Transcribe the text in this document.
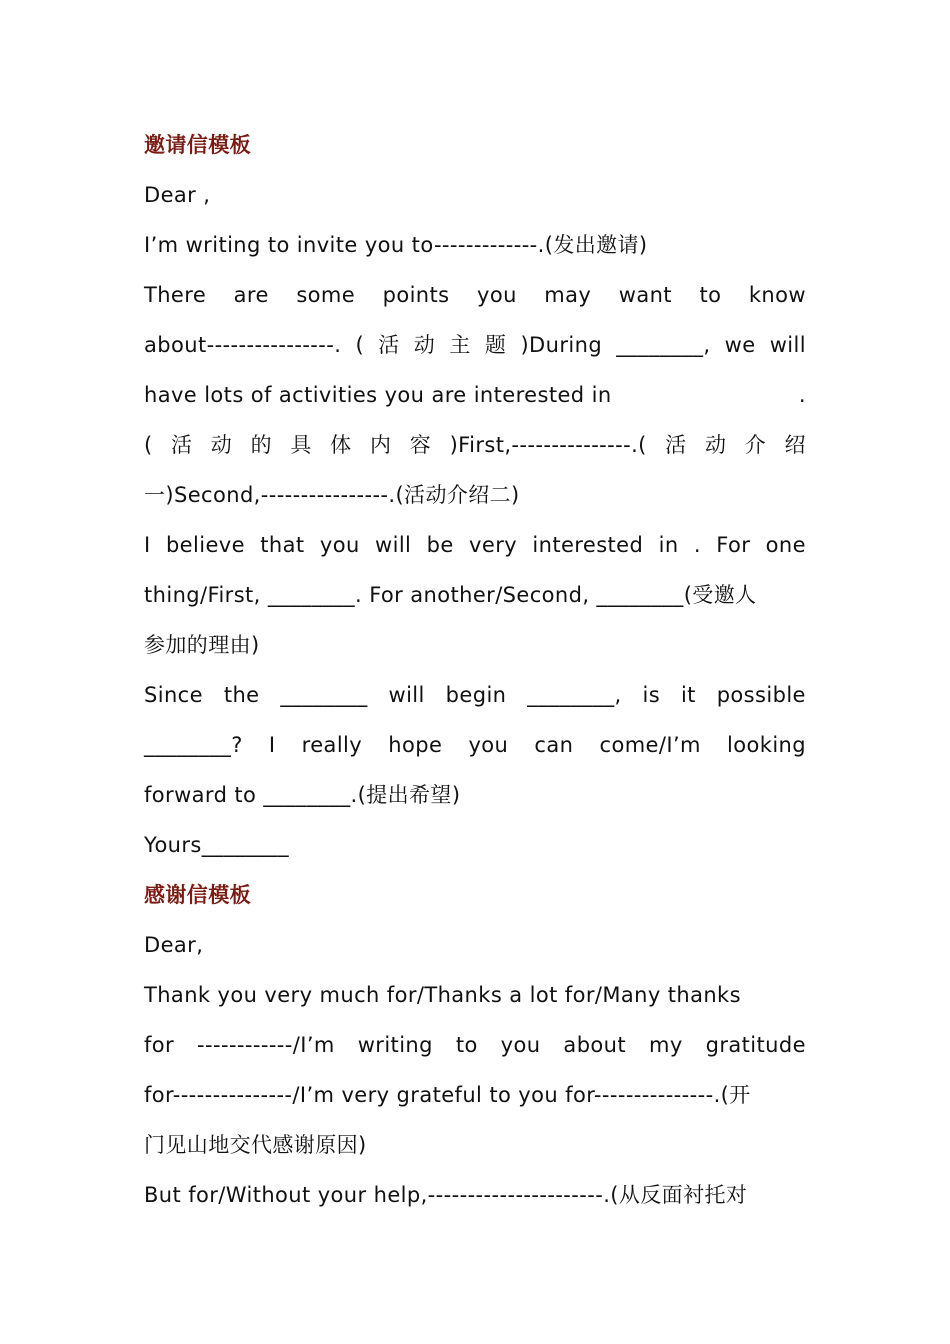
邀请信模板
Dear ,
I’m writing to invite you to-------------.(发出邀请)
There are some points you may want to know
about----------------. ( 活 动 主 题 )During ________, we will
have lots of activities you are interested in	.
( 活 动 的 具 体 内 容 )First,---------------.( 活 动 介 绍
一)Second,----------------.(活动介绍二)
I believe that you will be very interested in . For one
thing/First, ________. For another/Second, ________(受邀人
参加的理由)
Since the ________ will begin ________, is it possible
________? I really hope you can come/I’m looking
forward to ________.(提出希望)
Yours________
感谢信模板
Dear,
Thank you very much for/Thanks a lot for/Many thanks
for ------------/I’m writing to you about my gratitude
for---------------/I’m very grateful to you for---------------.(开
门见山地交代感谢原因)
But for/Without your help,----------------------.(从反面衬托对
